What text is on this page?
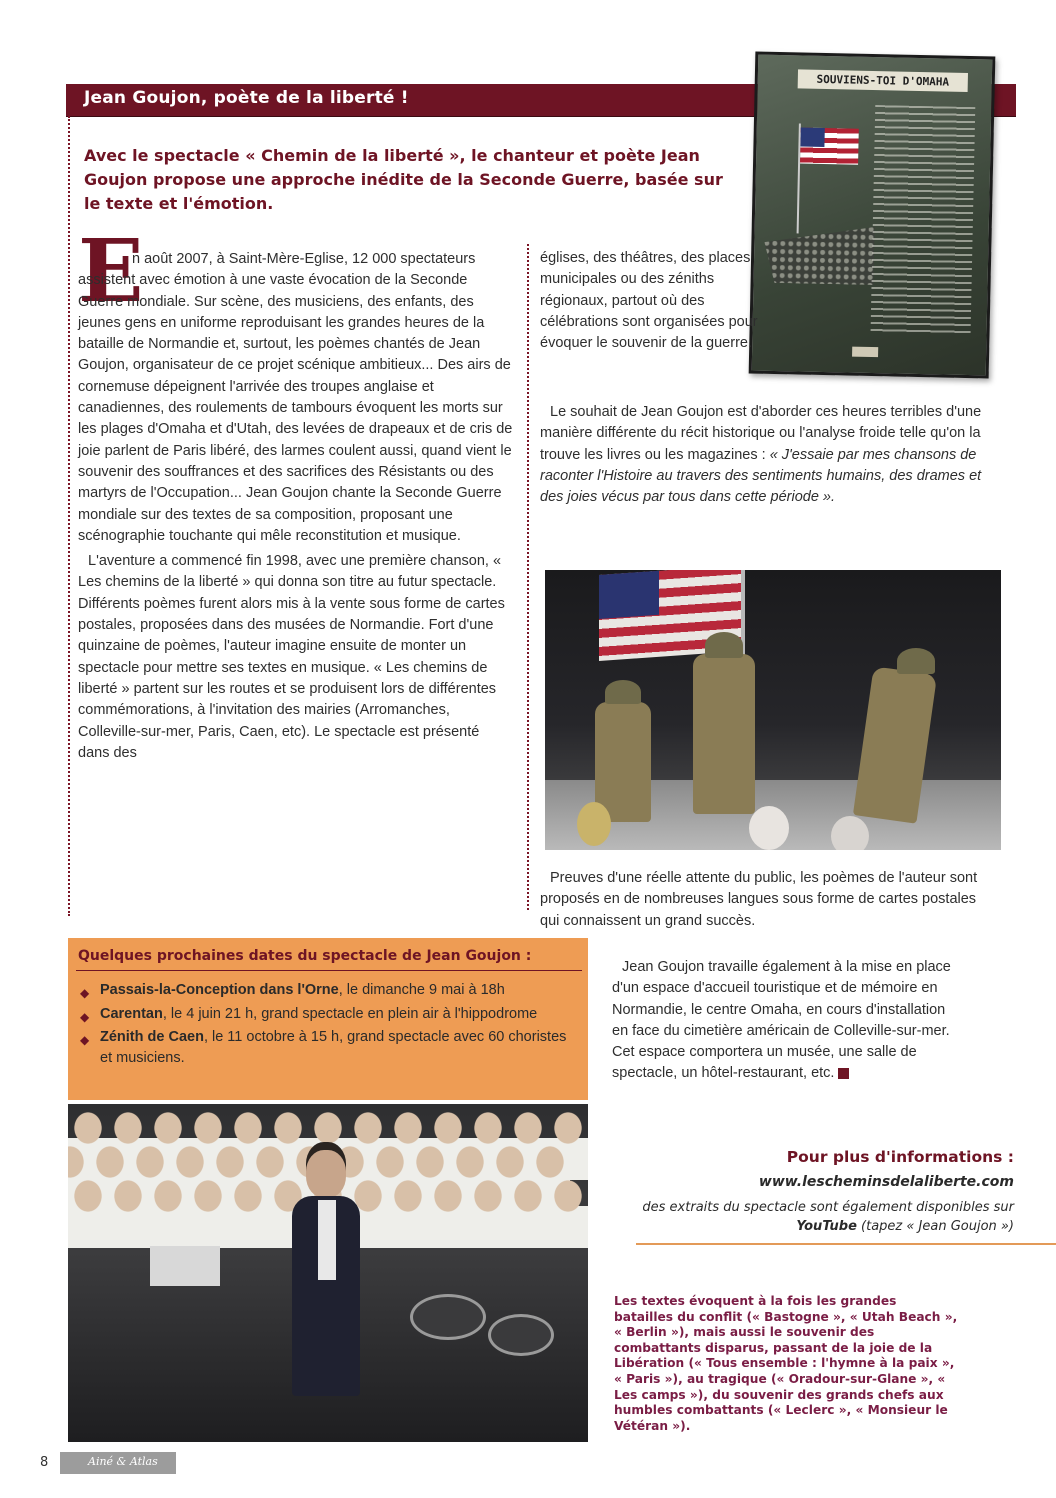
Jean Goujon, poète de la liberté !
SOUVIENS-TOI D'OMAHA
Avec le spectacle « Chemin de la liberté », le chanteur et poète Jean Goujon propose une approche inédite de la Seconde Guerre, basée sur le texte et l'émotion.
E

n août 2007, à Saint-Mère-Eglise, 12 000 spectateurs assistent avec émotion à une vaste évocation de la Seconde Guerre mondiale. Sur scène, des musiciens, des enfants, des jeunes gens en uniforme reproduisant les grandes heures de la bataille de Normandie et, surtout, les poèmes chantés de Jean Goujon, organisateur de ce projet scénique ambitieux... Des airs de cornemuse dépeignent l'arrivée des troupes anglaise et canadiennes, des roulements de tambours évoquent les morts sur les plages d'Omaha et d'Utah, des levées de drapeaux et de cris de joie parlent de Paris libéré, des larmes coulent aussi, quand vient le souvenir des souffrances et des sacrifices des Résistants ou des martyrs de l'Occupation... Jean Goujon chante la Seconde Guerre mondiale sur des textes de sa composition, proposant une scénographie touchante qui mêle reconstitution et musique.

L'aventure a commencé fin 1998, avec une première chanson, « Les chemins de la liberté » qui donna son titre au futur spectacle. Différents poèmes furent alors mis à la vente sous forme de cartes postales, proposées dans des musées de Normandie. Fort d'une quinzaine de poèmes, l'auteur imagine ensuite de monter un spectacle pour mettre ses textes en musique. « Les chemins de liberté » partent sur les routes et se produisent lors de différentes commémorations, à l'invitation des mairies (Arromanches, Colleville-sur-mer, Paris, Caen, etc). Le spectacle est présenté dans des

églises, des théâtres, des places municipales ou des zéniths régionaux, partout où des célébrations sont organisées pour évoquer le souvenir de la guerre.

Le souhait de Jean Goujon est d'aborder ces heures terribles d'une manière différente du récit historique ou l'analyse froide telle qu'on la trouve les livres ou les magazines : « J'essaie par mes chansons de raconter l'Histoire au travers des sentiments humains, des drames et des joies vécus par tous dans cette période ».

Preuves d'une réelle attente du public, les poèmes de l'auteur sont proposés en de nombreuses langues sous forme de cartes postales qui connaissent un grand succès.

Jean Goujon travaille également à la mise en place d'un espace d'accueil touristique et de mémoire en Normandie, le centre Omaha, en cours d'installation en face du cimetière américain de Colleville-sur-mer. Cet espace comportera un musée, une salle de spectacle, un hôtel-restaurant, etc.

Quelques prochaines dates du spectacle de Jean Goujon :
◆ Passais-la-Conception dans l'Orne, le dimanche 9 mai à 18h
◆ Carentan, le 4 juin 21 h, grand spectacle en plein air à l'hippodrome
◆ Zénith de Caen, le 11 octobre à 15 h, grand spectacle avec 60 choristes et musiciens.
Pour plus d'informations :
www.lescheminsdelaliberte.com
des extraits du spectacle sont également disponibles sur YouTube (tapez « Jean Goujon »)
Les textes évoquent à la fois les grandes batailles du conflit (« Bastogne », « Utah Beach », « Berlin »), mais aussi le souvenir des combattants disparus, passant de la joie de la Libération (« Tous ensemble : l'hymne à la paix », « Paris »), au tragique (« Oradour-sur-Glane », « Les camps »), du souvenir des grands chefs aux humbles combattants (« Leclerc », « Monsieur le Vétéran »).
8	Ainé & Atlas
